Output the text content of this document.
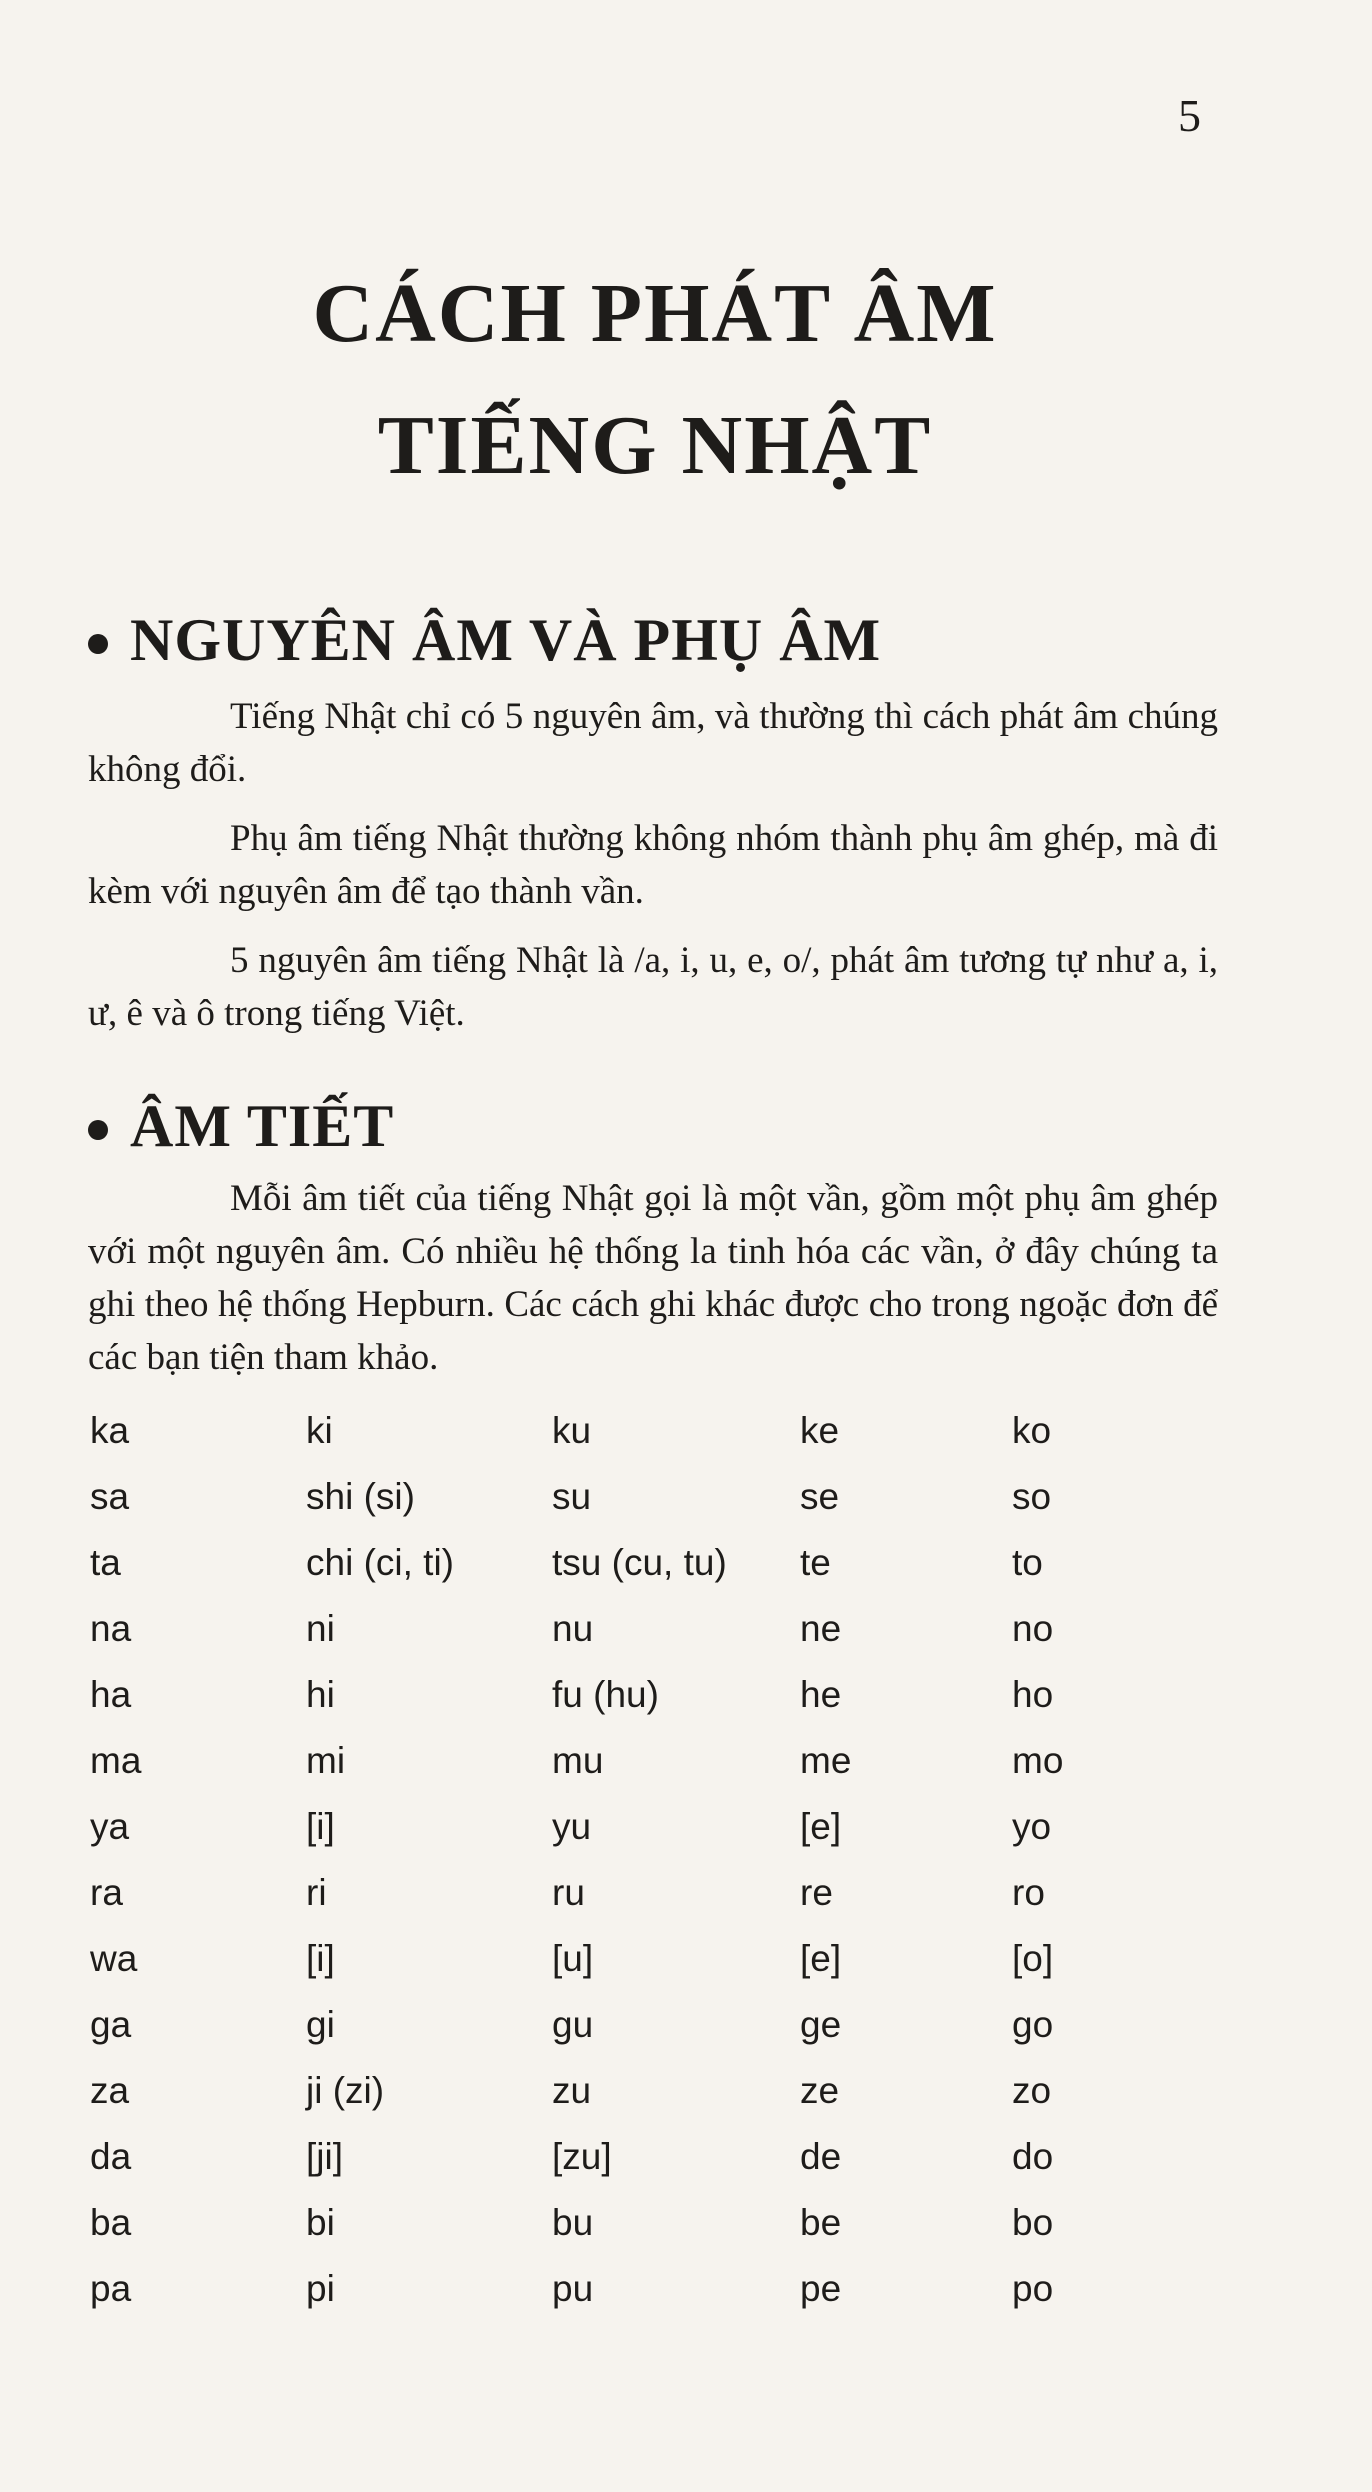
5
CÁCH PHÁT ÂM
TIẾNG NHẬT
NGUYÊN ÂM VÀ PHỤ ÂM

Tiếng Nhật chỉ có 5 nguyên âm, và thường thì cách phát âm chúng không đổi.

Phụ âm tiếng Nhật thường không nhóm thành phụ âm ghép, mà đi kèm với nguyên âm để tạo thành vần.

5 nguyên âm tiếng Nhật là /a, i, u, e, o/, phát âm tương tự như a, i, ư, ê và ô trong tiếng Việt.

ÂM TIẾT

Mỗi âm tiết của tiếng Nhật gọi là một vần, gồm một phụ âm ghép với một nguyên âm. Có nhiều hệ thống la tinh hóa các vần, ở đây chúng ta ghi theo hệ thống Hepburn. Các cách ghi khác được cho trong ngoặc đơn để các bạn tiện tham khảo.

ka	ki	ku	ke	ko
sa	shi (si)	su	se	so
ta	chi (ci, ti)	tsu (cu, tu)	te	to
na	ni	nu	ne	no
ha	hi	fu (hu)	he	ho
ma	mi	mu	me	mo
ya	[i]	yu	[e]	yo
ra	ri	ru	re	ro
wa	[i]	[u]	[e]	[o]
ga	gi	gu	ge	go
za	ji (zi)	zu	ze	zo
da	[ji]	[zu]	de	do
ba	bi	bu	be	bo
pa	pi	pu	pe	po
